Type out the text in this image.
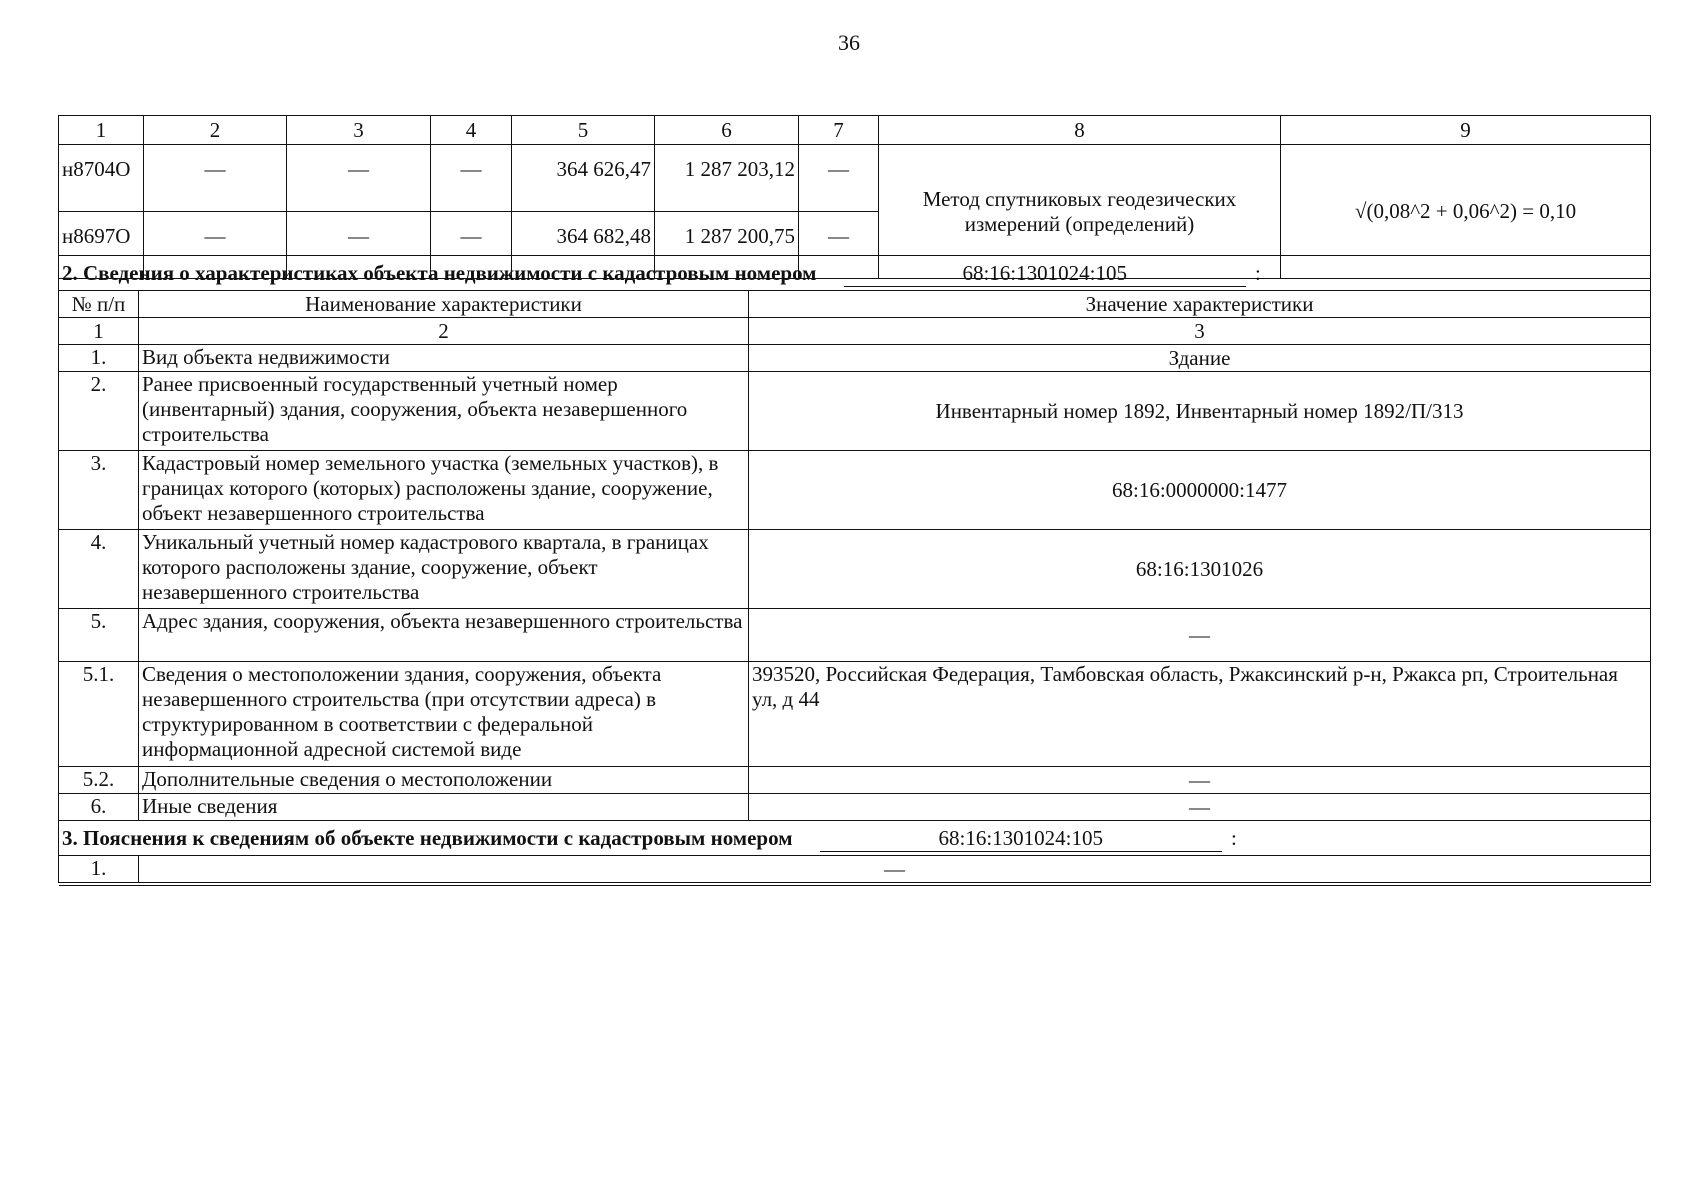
36
1	2	3	4	5	6	7	8	9
н8704О	—	—	—	364 626,47	1 287 203,12	—	Метод спутниковых геодезических измерений (определений)	√(0,08^2 + 0,06^2) = 0,10
н8697О	—	—	—	364 682,48	1 287 200,75	—		
2. Сведения о характеристиках объекта недвижимости с кадастровым номером 68:16:1301024:105 :		
№ п/п	Наименование характеристики	Значение характеристики
1	2	3
1.	Вид объекта недвижимости	Здание
2.	Ранее присвоенный государственный учетный номер (инвентарный) здания, сооружения, объекта незавершенного строительства	Инвентарный номер 1892, Инвентарный номер 1892/П/313
3.	Кадастровый номер земельного участка (земельных участков), в границах которого (которых) расположены здание, сооружение, объект незавершенного строительства	68:16:0000000:1477
4.	Уникальный учетный номер кадастрового квартала, в границах которого расположены здание, сооружение, объект незавершенного строительства	68:16:1301026
5.	Адрес здания, сооружения, объекта незавершенного строительства	—
5.1.	Сведения о местоположении здания, сооружения, объекта незавершенного строительства (при отсутствии адреса) в структурированном в соответствии с федеральной информационной адресной системой виде	393520, Российская Федерация, Тамбовская область, Ржаксинский р-н, Ржакса рп, Строительная ул, д 44
5.2.	Дополнительные сведения о местоположении	—
6.	Иные сведения	—
3. Пояснения к сведениям об объекте недвижимости с кадастровым номером 68:16:1301024:105 :		
1.	—	
